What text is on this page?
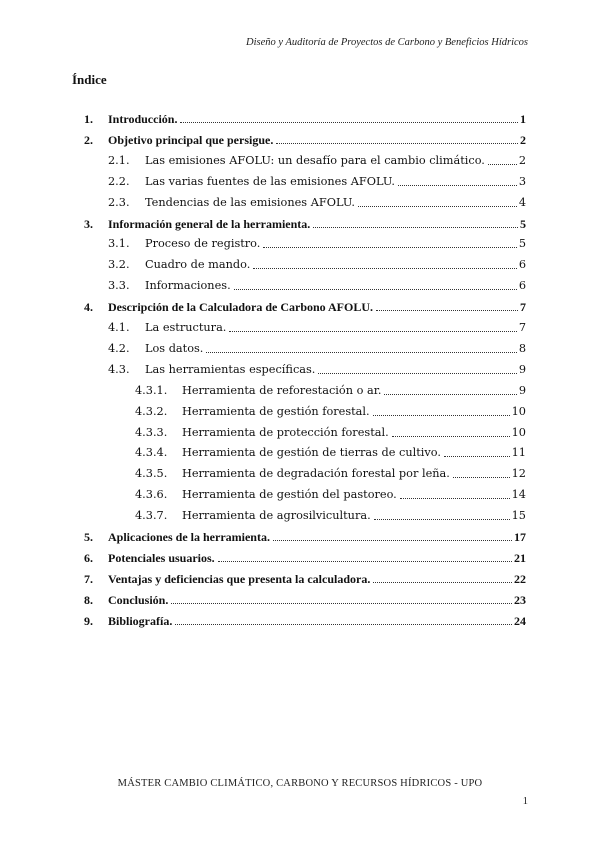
Diseño y Auditoría de Proyectos de Carbono y Beneficios Hídricos
Índice
1. Introducción.	1
2. Objetivo principal que persigue.	2
2.1. Las emisiones AFOLU: un desafío para el cambio climático.	2
2.2. Las varias fuentes de las emisiones AFOLU.	3
2.3. Tendencias de las emisiones AFOLU.	4
3. Información general de la herramienta.	5
3.1. Proceso de registro.	5
3.2. Cuadro de mando.	6
3.3. Informaciones.	6
4. Descripción de la Calculadora de Carbono AFOLU.	7
4.1. La estructura.	7
4.2. Los datos.	8
4.3. Las herramientas específicas.	9
4.3.1. Herramienta de reforestación o ar.	9
4.3.2. Herramienta de gestión forestal.	10
4.3.3. Herramienta de protección forestal.	10
4.3.4. Herramienta de gestión de tierras de cultivo.	11
4.3.5. Herramienta de degradación forestal por leña.	12
4.3.6. Herramienta de gestión del pastoreo.	14
4.3.7. Herramienta de agrosilvicultura.	15
5. Aplicaciones de la herramienta.	17
6. Potenciales usuarios.	21
7. Ventajas y deficiencias que presenta la calculadora.	22
8. Conclusión.	23
9. Bibliografía.	24
MÁSTER CAMBIO CLIMÁTICO, CARBONO Y RECURSOS HÍDRICOS - UPO
1
